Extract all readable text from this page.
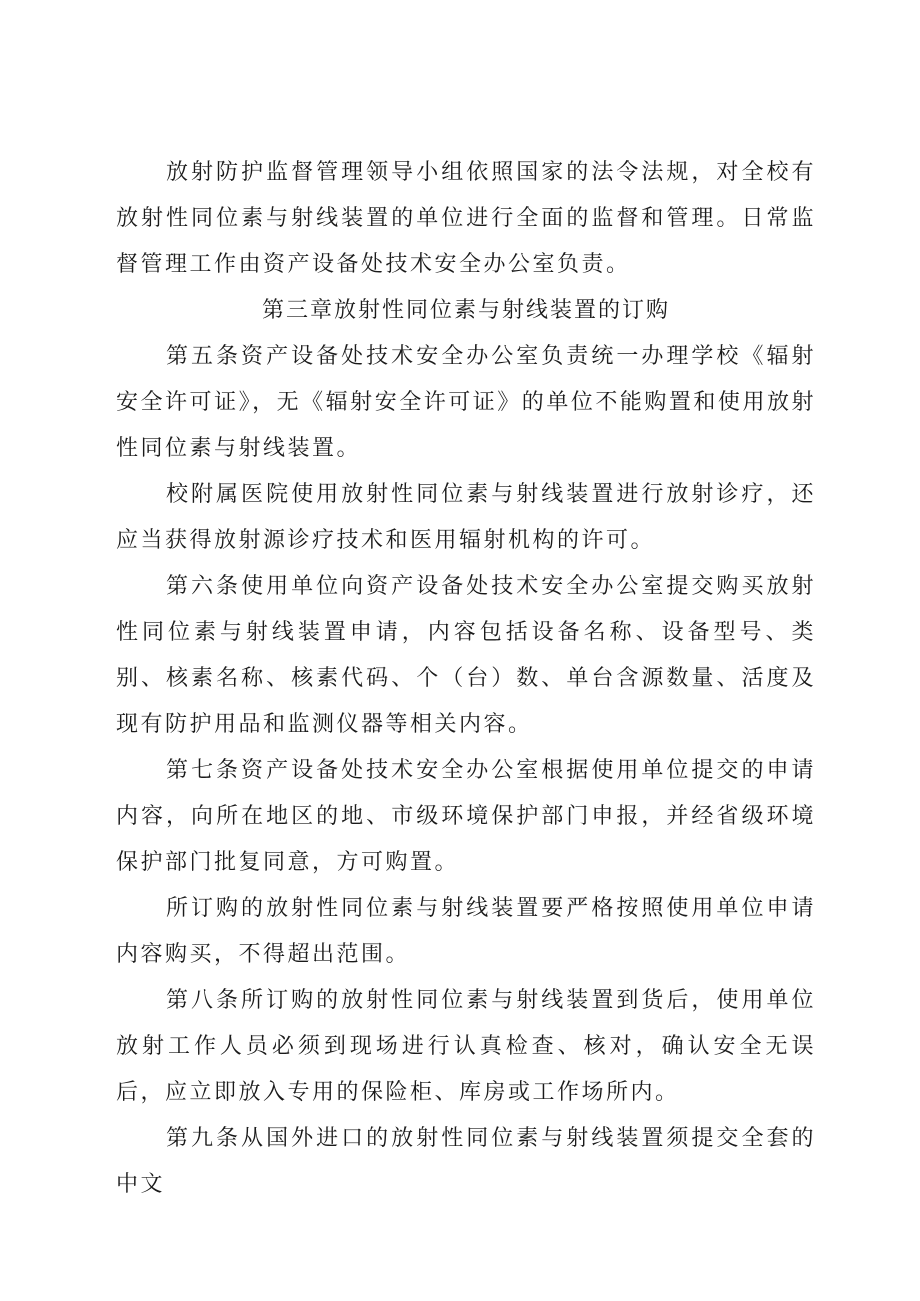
放射防护监督管理领导小组依照国家的法令法规，对全校有放射性同位素与射线装置的单位进行全面的监督和管理。日常监督管理工作由资产设备处技术安全办公室负责。

第三章放射性同位素与射线装置的订购

第五条资产设备处技术安全办公室负责统一办理学校《辐射安全许可证》，无《辐射安全许可证》的单位不能购置和使用放射性同位素与射线装置。

校附属医院使用放射性同位素与射线装置进行放射诊疗，还应当获得放射源诊疗技术和医用辐射机构的许可。

第六条使用单位向资产设备处技术安全办公室提交购买放射性同位素与射线装置申请，内容包括设备名称、设备型号、类别、核素名称、核素代码、个（台）数、单台含源数量、活度及现有防护用品和监测仪器等相关内容。

第七条资产设备处技术安全办公室根据使用单位提交的申请内容，向所在地区的地、市级环境保护部门申报，并经省级环境保护部门批复同意，方可购置。

所订购的放射性同位素与射线装置要严格按照使用单位申请内容购买，不得超出范围。

第八条所订购的放射性同位素与射线装置到货后，使用单位放射工作人员必须到现场进行认真检查、核对，确认安全无误后，应立即放入专用的保险柜、库房或工作场所内。

第九条从国外进口的放射性同位素与射线装置须提交全套的中文
